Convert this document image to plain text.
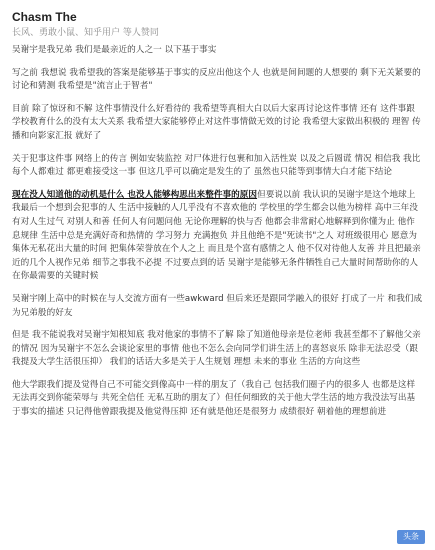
Chasm The
长风、勇敢小鼠、知乎用户 等人赞同

吴谢宇是我兄弟 我们是最亲近的人之一 以下基于事实

写之前 我想说 我希望我的答案是能够基于事实的反应出他这个人 也就是间间题的人想要的 剩下无关紧要的讨论和猜测 我希望是"流言止于智者"

目前 除了惊讶和不解 这件事情没什么好看待的 我希望等真相大白以后大家再讨论这件事情 还有 这件事跟学校教育什么的没有太大关系 我希望大家能够停止对这件事情做无效的讨论 我希望大家做出积极的 理智 传播和向影家汇报 就好了

关于犯事这件事 网络上的传言 例如安装监控 对尸体进行包裹和加入活性炭 以及之后圆谎 情况 相信我 我比每个人都难过 都更难接受这一事 但这几乎可以确定是发生的了 虽然也只能等到事情大白才能下结论

现在没人知道他的动机是什么 也没人能够构思出来整件事的原因但要说以前 我认识的吴谢宇是这个地球上我最后一个想到会犯事的人 生活中接触的人几乎没有不喜欢他的 学校里的学生都会以他为榜样 高中三年没有对人生过气 对别人和善 任何人有问题问他 无论你理解的快与否 他都会非常耐心地解释到你懂为止 他作息规律 生活中总是充满好奇和热情的 学习努力 充满抱负 并且他绝不是"死读书"之人 对班级很用心 愿意为集体无私花出大量的时间 把集体荣誉放在个人之上 而且是个富有感情之人 他不仅对待他人友善 并且把最亲近的几个人视作兄弟 细节之事我不必提 不过要点到的话 吴谢宇是能够无条件牺牲自己大量时间帮助你的人 在你最需要的关键时候

吴谢宇刚上高中的时候在与人交流方面有一些awkward 但后来还是跟同学融入的很好 打成了一片 和我们成为兄弟般的好友

但是 我不能说我对吴谢宇知根知底 我对他家的事情不了解 除了知道他母亲是位老师 我甚至都不了解他父亲的情况 因为吴谢宇不怎么会谈论家里的事情 他也不怎么会向同学们讲生活上的喜怒哀乐 除非无法忍受（跟我提及大学生活很压抑） 我们的话话大多是关于人生规划 理想 未来的事业 生活的方向这些

他大学跟我们提及觉得自己不可能交到像高中一样的朋友了（我自己 包括我们圈子内的很多人 也都是这样 无法再交到你能荣辱与 共死全信任 无私互助的朋友了）但任何细致的关于他大学生活的地方我没法写出基于事实的描述 只记得他曾跟我提及他觉得压抑 还有就是他还是很努力 成绩很好 朝着他的理想前进

头条
